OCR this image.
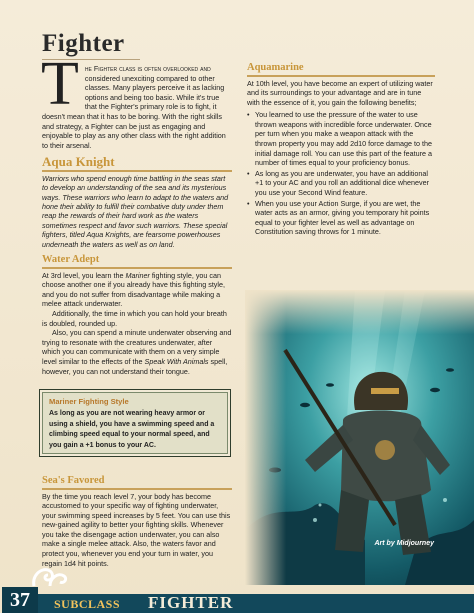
Fighter
The Fighter class is often overlooked and considered unexciting compared to other classes. Many players perceive it as lacking options and being too basic. While it's true that the Fighter's primary role is to fight, it doesn't mean that it has to be boring. With the right skills and strategy, a Fighter can be just as engaging and enjoyable to play as any other class with the right addition to their arsenal.
Aqua Knight
Warriors who spend enough time battling in the seas start to develop an understanding of the sea and its mysterious ways. These warriors who learn to adapt to the waters and hone their ability to fulfill their combative duty under them reap the rewards of their hard work as the waters sometimes respect and favor such warriors. These special fighters, titled Aqua Knights, are fearsome powerhouses underneath the waters as well as on land.
Water Adept

At 3rd level, you learn the Mariner fighting style, you can choose another one if you already have this fighting style, and you do not suffer from disadvantage while making a melee attack underwater.

Additionally, the time in which you can hold your breath is doubled, rounded up.

Also, you can spend a minute underwater observing and trying to resonate with the creatures underwater, after which you can communicate with them on a very simple level similar to the effects of the Speak With Animals spell, however, you can not understand their tongue.

Mariner Fighting Style
As long as you are not wearing heavy armor or using a shield, you have a swimming speed and a climbing speed equal to your normal speed, and you gain a +1 bonus to your AC.
Sea's Favored

By the time you reach level 7, your body has become accustomed to your specific way of fighting underwater, your swimming speed increases by 5 feet. You can use this new-gained agility to better your fighting skills. Whenever you take the disengage action underwater, you can also make a single melee attack. Also, the waters favor and protect you, whenever you end your turn in water, you regain 1d4 hit points.

Aquamarine

At 10th level, you have become an expert of utilizing water and its surroundings to your advantage and are in tune with the essence of it, you gain the following benefits;

• You learned to use the pressure of the water to use thrown weapons with incredible force underwater. Once per turn when you make a weapon attack with the thrown property you may add 2d10 force damage to the initial damage roll. You can use this part of the feature a number of times equal to your proficiency bonus.
• As long as you are underwater, you have an additional +1 to your AC and you roll an additional dice whenever you use your Second Wind feature.
• When you use your Action Surge, if you are wet, the water acts as an armor, giving you temporary hit points equal to your fighter level as well as advantage on Constitution saving throws for 1 minute.
Art by Midjourney
37	SUBCLASS FIGHTER
